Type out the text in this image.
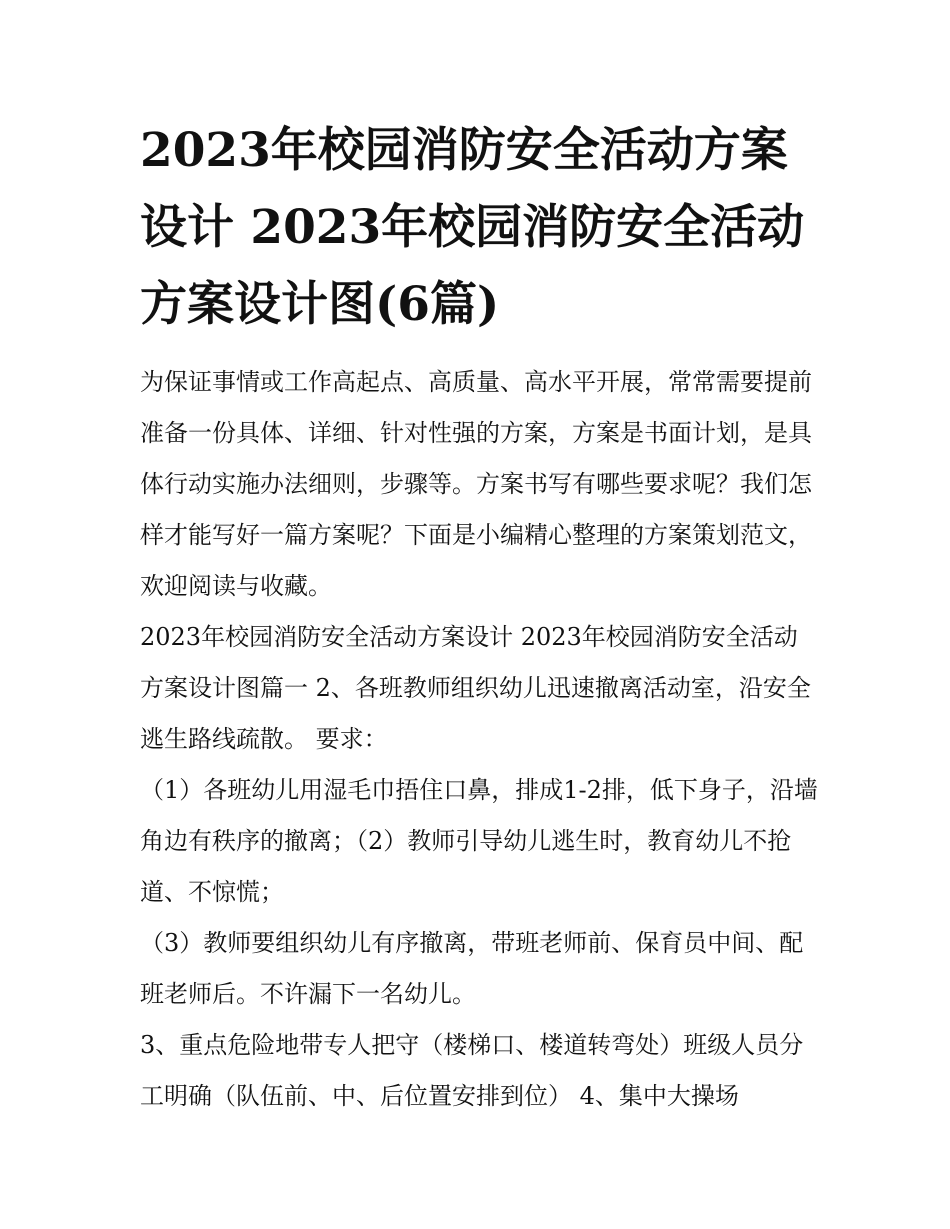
2023年校园消防安全活动方案设计 2023年校园消防安全活动方案设计图(6篇)

为保证事情或工作高起点、高质量、高水平开展，常常需要提前准备一份具体、详细、针对性强的方案，方案是书面计划，是具体行动实施办法细则，步骤等。方案书写有哪些要求呢？我们怎样才能写好一篇方案呢？下面是小编精心整理的方案策划范文，欢迎阅读与收藏。

2023年校园消防安全活动方案设计 2023年校园消防安全活动方案设计图篇一 2、各班教师组织幼儿迅速撤离活动室，沿安全逃生路线疏散。 要求：

（1）各班幼儿用湿毛巾捂住口鼻，排成1-2排，低下身子，沿墙角边有秩序的撤离；（2）教师引导幼儿逃生时，教育幼儿不抢道、不惊慌；

（3）教师要组织幼儿有序撤离，带班老师前、保育员中间、配班老师后。不许漏下一名幼儿。

3、重点危险地带专人把守（楼梯口、楼道转弯处）班级人员分工明确（队伍前、中、后位置安排到位） 4、集中大操场
